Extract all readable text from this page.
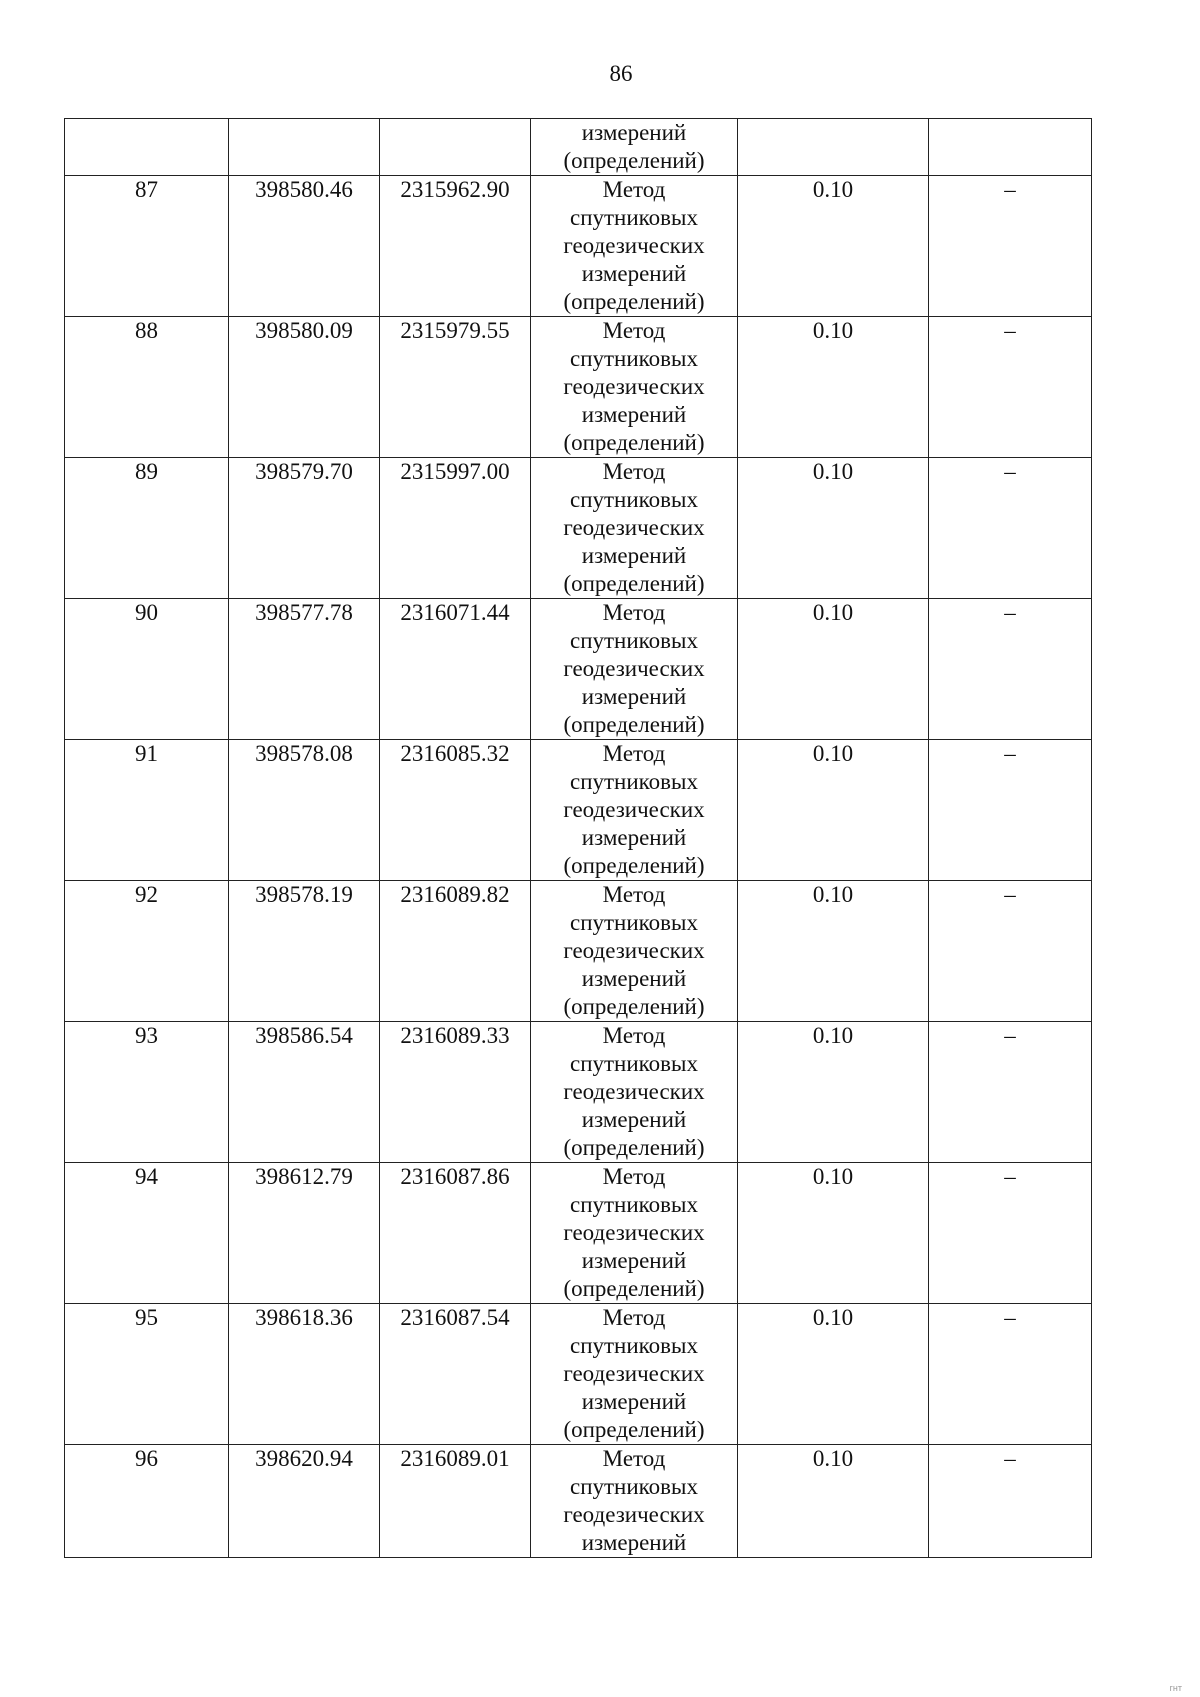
86

			измерений
(определений)		

87	398580.46	2315962.90	Метод
спутниковых
геодезических
измерений
(определений)	0.10	–
88	398580.09	2315979.55	Метод
спутниковых
геодезических
измерений
(определений)	0.10	–
89	398579.70	2315997.00	Метод
спутниковых
геодезических
измерений
(определений)	0.10	–
90	398577.78	2316071.44	Метод
спутниковых
геодезических
измерений
(определений)	0.10	–
91	398578.08	2316085.32	Метод
спутниковых
геодезических
измерений
(определений)	0.10	–
92	398578.19	2316089.82	Метод
спутниковых
геодезических
измерений
(определений)	0.10	–
93	398586.54	2316089.33	Метод
спутниковых
геодезических
измерений
(определений)	0.10	–
94	398612.79	2316087.86	Метод
спутниковых
геодезических
измерений
(определений)	0.10	–
95	398618.36	2316087.54	Метод
спутниковых
геодезических
измерений
(определений)	0.10	–
96	398620.94	2316089.01	Метод
спутниковых
геодезических
измерений	0.10	–
гнт
